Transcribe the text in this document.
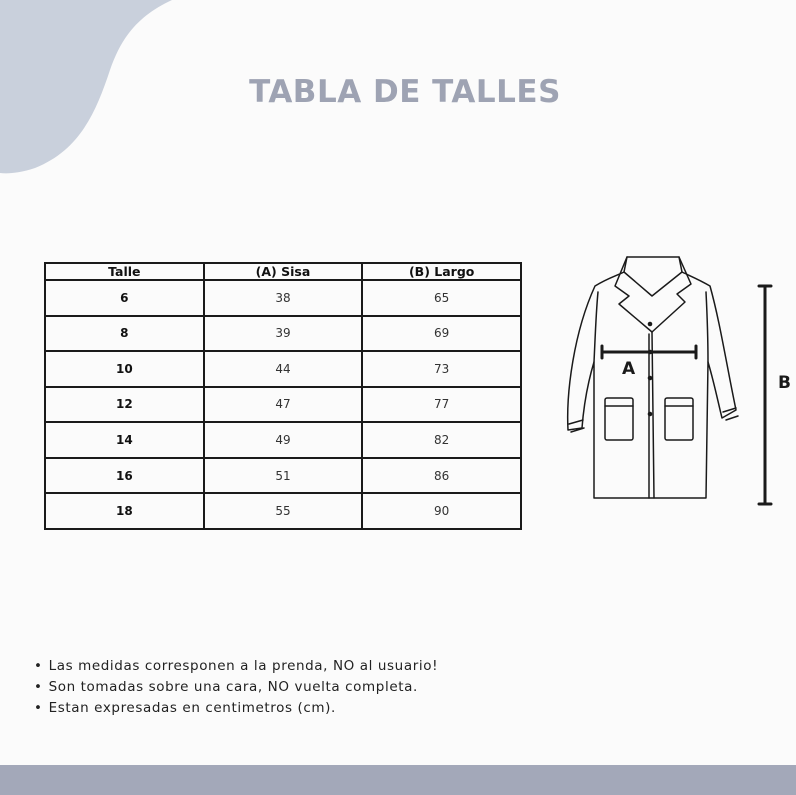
TABLA DE TALLES
Talle	(A) Sisa	(B) Largo
6	38	65
8	39	69
10	44	73
12	47	77
14	49	82
16	51	86
18	55	90
A
B
• Las medidas corresponen a la prenda, NO al usuario!
• Son tomadas sobre una cara, NO vuelta completa.
• Estan expresadas en centimetros (cm).
